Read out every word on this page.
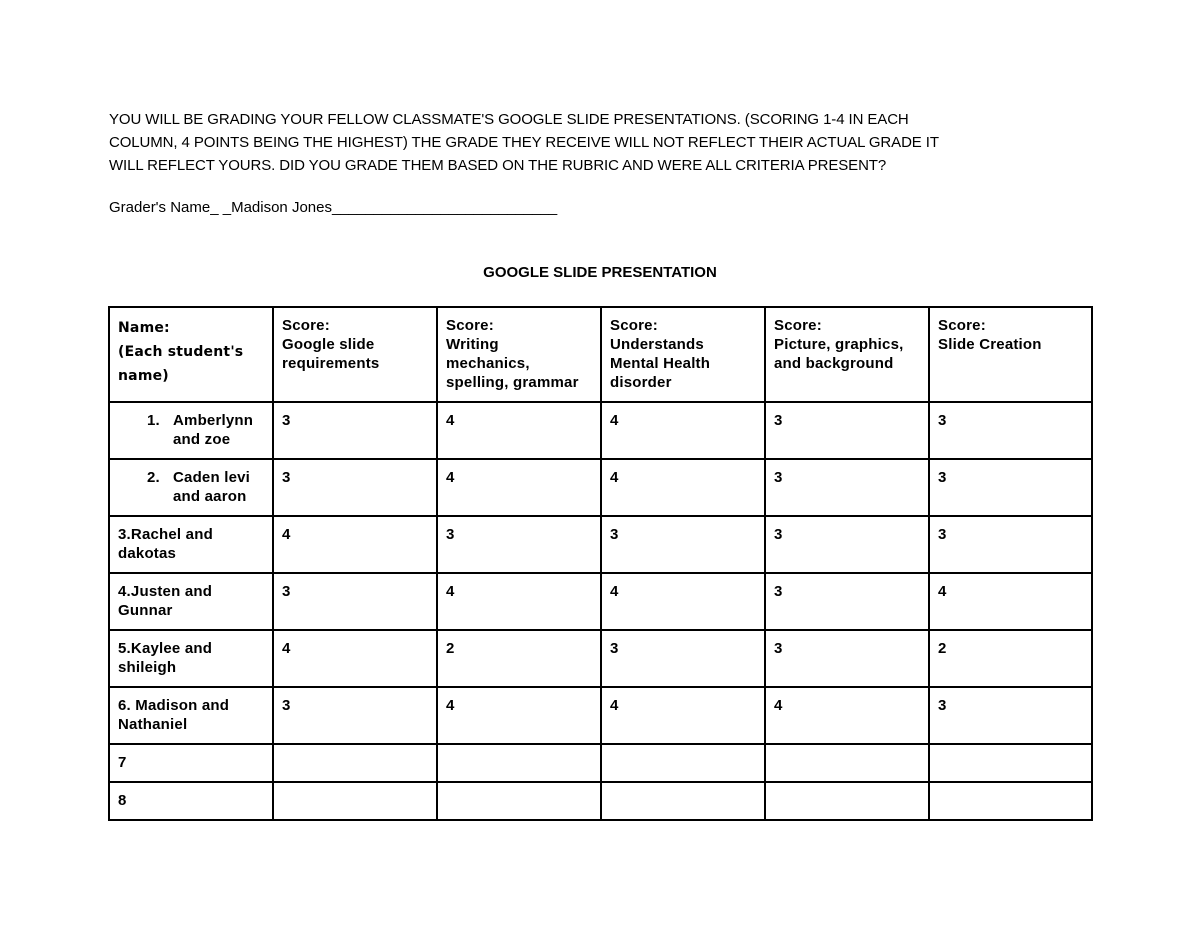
YOU WILL BE GRADING YOUR FELLOW CLASSMATE'S GOOGLE SLIDE PRESENTATIONS. (SCORING 1-4 IN EACH

COLUMN, 4 POINTS BEING THE HIGHEST) THE GRADE THEY RECEIVE WILL NOT REFLECT THEIR ACTUAL GRADE IT

WILL REFLECT YOURS. DID YOU GRADE THEM BASED ON THE RUBRIC AND WERE ALL CRITERIA PRESENT?

Grader's Name_ _Madison Jones___________________________
GOOGLE SLIDE PRESENTATION
Name:
(Each student's
name)	Score:
Google slide
requirements	Score:
Writing
mechanics,
spelling, grammar	Score:
Understands
Mental Health
disorder	Score:
Picture, graphics,
and background	Score:
Slide Creation

1. Amberlynn
and zoe	3	4	4	3	3

2. Caden levi
and aaron	3	4	4	3	3

3.Rachel and
dakotas	4	3	3	3	3

4.Justen and
Gunnar	3	4	4	3	4

5.Kaylee and
shileigh	4	2	3	3	2

6. Madison and
Nathaniel	3	4	4	4	3
7					
8					
